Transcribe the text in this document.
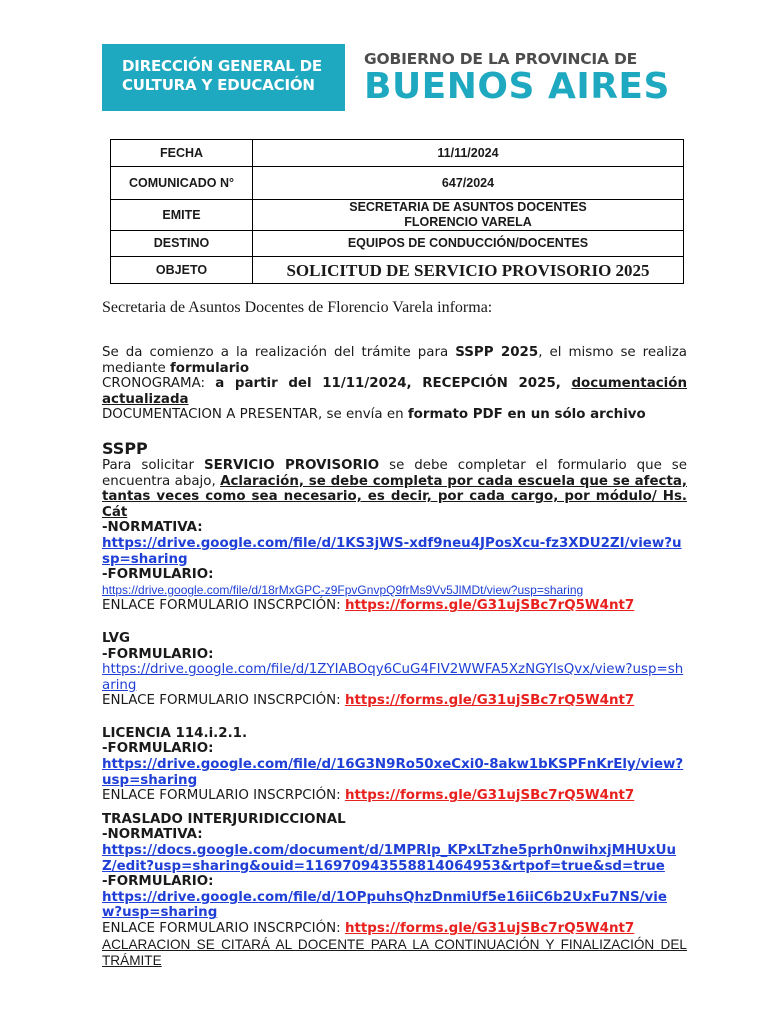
DIRECCIÓN GENERAL DE
CULTURA Y EDUCACIÓN
GOBIERNO DE LA PROVINCIA DE
BUENOS AIRES
FECHA	11/11/2024
COMUNICADO N°	647/2024
EMITE	SECRETARIA DE ASUNTOS DOCENTES
FLORENCIO VARELA

DESTINO	EQUIPOS DE CONDUCCIÓN/DOCENTES
OBJETO	SOLICITUD DE SERVICIO PROVISORIO 2025
Secretaria de Asuntos Docentes de Florencio Varela informa:

Se da comienzo a la realización del trámite para SSPP 2025, el mismo se realiza mediante formulario

CRONOGRAMA: a partir del 11/11/2024, RECEPCIÓN 2025, documentación actualizada

DOCUMENTACION A PRESENTAR, se envía en formato PDF en un sólo archivo

SSPP

Para solicitar SERVICIO PROVISORIO se debe completar el formulario que se encuentra abajo, Aclaración, se debe completa por cada escuela que se afecta, tantas veces como sea necesario, es decir, por cada cargo, por módulo/ Hs. Cát

-NORMATIVA:

https://drive.google.com/file/d/1KS3jWS-xdf9neu4JPosXcu-fz3XDU2ZI/view?usp=sharing

-FORMULARIO:

https://drive.google.com/file/d/18rMxGPC-z9FpvGnvpQ9frMs9Vv5JlMDt/view?usp=sharing

ENLACE FORMULARIO INSCRPCIÓN: https://forms.gle/G31ujSBc7rQ5W4nt7

LVG

-FORMULARIO:

https://drive.google.com/file/d/1ZYIABOqy6CuG4FIV2WWFA5XzNGYlsQvx/view?usp=sharing

ENLACE FORMULARIO INSCRPCIÓN: https://forms.gle/G31ujSBc7rQ5W4nt7

LICENCIA 114.i.2.1.

-FORMULARIO:

https://drive.google.com/file/d/16G3N9Ro50xeCxi0-8akw1bKSPFnKrEly/view?usp=sharing

ENLACE FORMULARIO INSCRPCIÓN: https://forms.gle/G31ujSBc7rQ5W4nt7

TRASLADO INTERJURIDICCIONAL

-NORMATIVA:

https://docs.google.com/document/d/1MPRlp_KPxLTzhe5prh0nwihxjMHUxUuZ/edit?usp=sharing&ouid=116970943558814064953&rtpof=true&sd=true

-FORMULARIO:

https://drive.google.com/file/d/1OPpuhsQhzDnmiUf5e16iiC6b2UxFu7NS/view?usp=sharing

ENLACE FORMULARIO INSCRPCIÓN: https://forms.gle/G31ujSBc7rQ5W4nt7

ACLARACION SE CITARÁ AL DOCENTE PARA LA CONTINUACIÓN Y FINALIZACIÓN DEL TRÁMITE
